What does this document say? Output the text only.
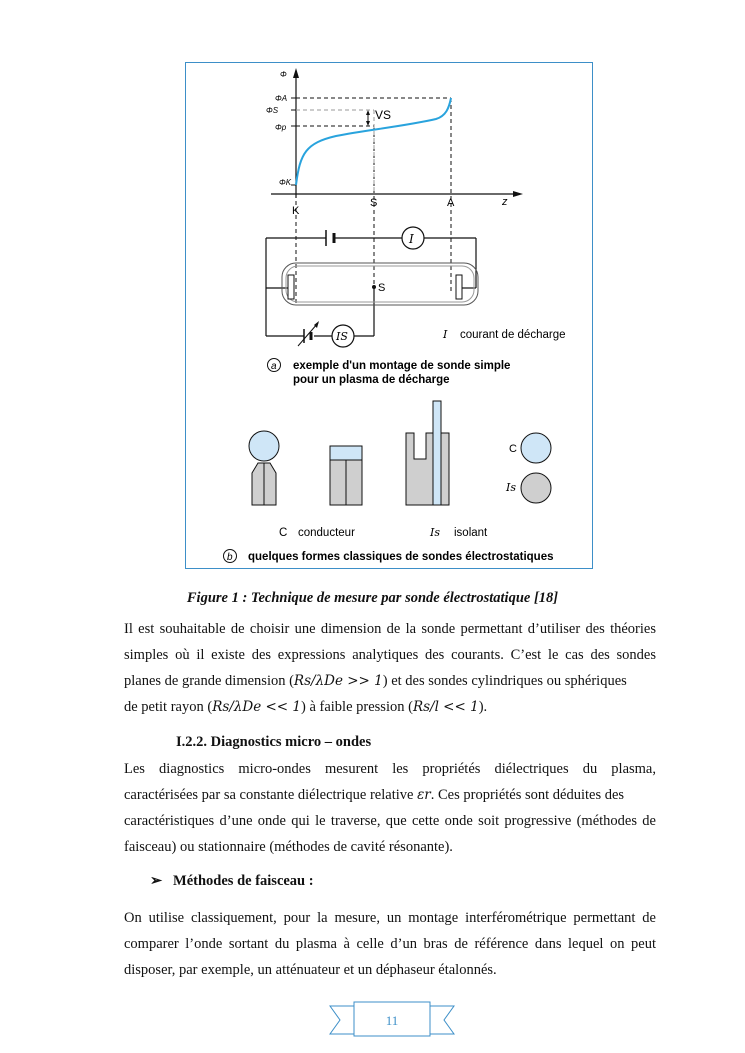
Φ
ΦA
ΦS
Φp
ΦK
VS
z
K
S	A
I
IS
S
I courant de décharge
a exemple d'un montage de sonde simple
pour un plasma de décharge
C
Is
C conducteur	Is isolant
b quelques formes classiques de sondes électrostatiques
Figure 1 : Technique de mesure par sonde électrostatique [18]
Il est souhaitable de choisir une dimension de la sonde permettant d’utiliser des théories
simples où il existe des expressions analytiques des courants. C’est le cas des sondes
planes de grande dimension (Rs/λDe >> 1) et des sondes cylindriques ou sphériques
de petit rayon (Rs/λDe << 1) à faible pression (Rs/l << 1).
I.2.2. Diagnostics micro – ondes
Les diagnostics micro-ondes mesurent les propriétés diélectriques du plasma,
caractérisées par sa constante diélectrique relative εr. Ces propriétés sont déduites des
caractéristiques d’une onde qui le traverse, que cette onde soit progressive (méthodes de
faisceau) ou stationnaire (méthodes de cavité résonante).
➢ Méthodes de faisceau :
On utilise classiquement, pour la mesure, un montage interférométrique permettant de
comparer l’onde sortant du plasma à celle d’un bras de référence dans lequel on peut
disposer, par exemple, un atténuateur et un déphaseur étalonnés.
11
